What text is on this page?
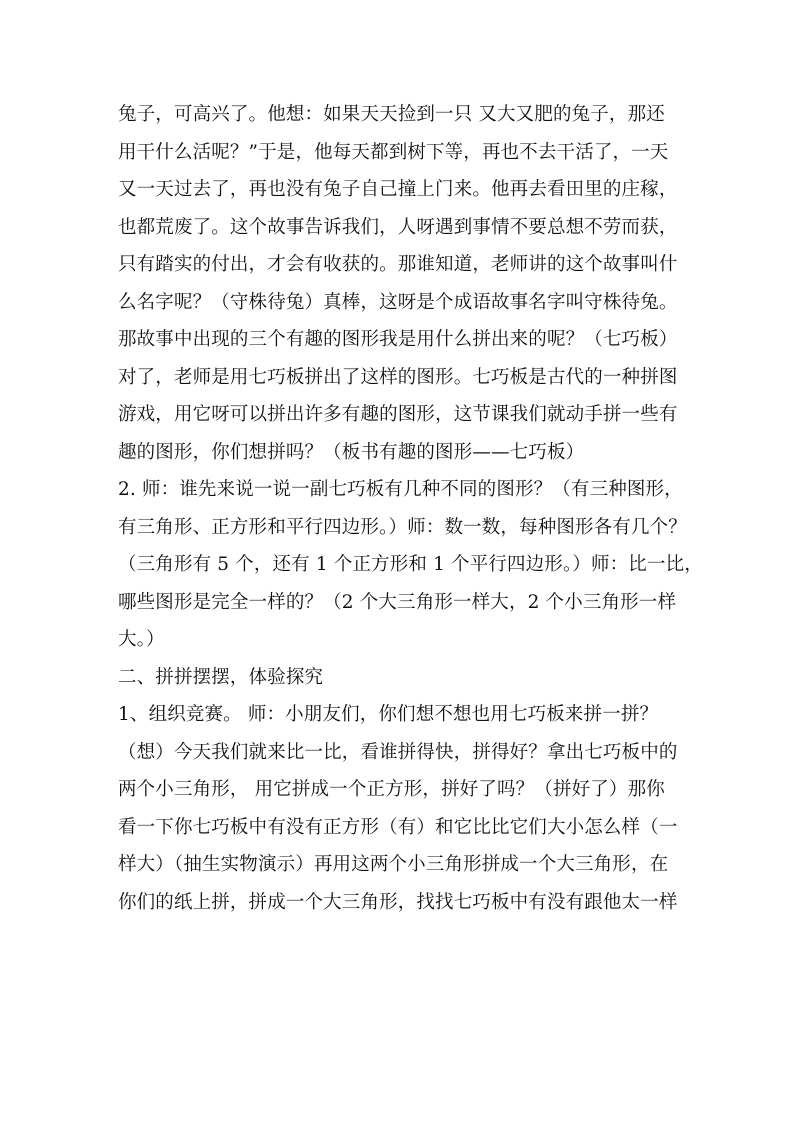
兔子，可高兴了。他想：如果天天捡到一只 又大又肥的兔子，那还
用干什么活呢？”于是，他每天都到树下等，再也不去干活了，一天
又一天过去了，再也没有兔子自己撞上门来。他再去看田里的庄稼，
也都荒废了。这个故事告诉我们，人呀遇到事情不要总想不劳而获，
只有踏实的付出，才会有收获的。那谁知道，老师讲的这个故事叫什
么名字呢？（守株待兔）真棒，这呀是个成语故事名字叫守株待兔。
那故事中出现的三个有趣的图形我是用什么拼出来的呢？（七巧板）
对了，老师是用七巧板拼出了这样的图形。七巧板是古代的一种拼图
游戏，用它呀可以拼出许多有趣的图形，这节课我们就动手拼一些有
趣的图形，你们想拼吗？（板书有趣的图形——七巧板）
2. 师：谁先来说一说一副七巧板有几种不同的图形？（有三种图形，
有三角形、正方形和平行四边形。）师：数一数，每种图形各有几个？
（三角形有 5 个，还有 1 个正方形和 1 个平行四边形。）师：比一比，
哪些图形是完全一样的？（2 个大三角形一样大，2 个小三角形一样
大。）
二、拼拼摆摆，体验探究
1、组织竞赛。 师：小朋友们，你们想不想也用七巧板来拼一拼？
（想）今天我们就来比一比，看谁拼得快，拼得好？拿出七巧板中的
两个小三角形， 用它拼成一个正方形，拼好了吗？（拼好了）那你
看一下你七巧板中有没有正方形（有）和它比比它们大小怎么样（一
样大）（抽生实物演示）再用这两个小三角形拼成一个大三角形，在
你们的纸上拼，拼成一个大三角形，找找七巧板中有没有跟他太一样
